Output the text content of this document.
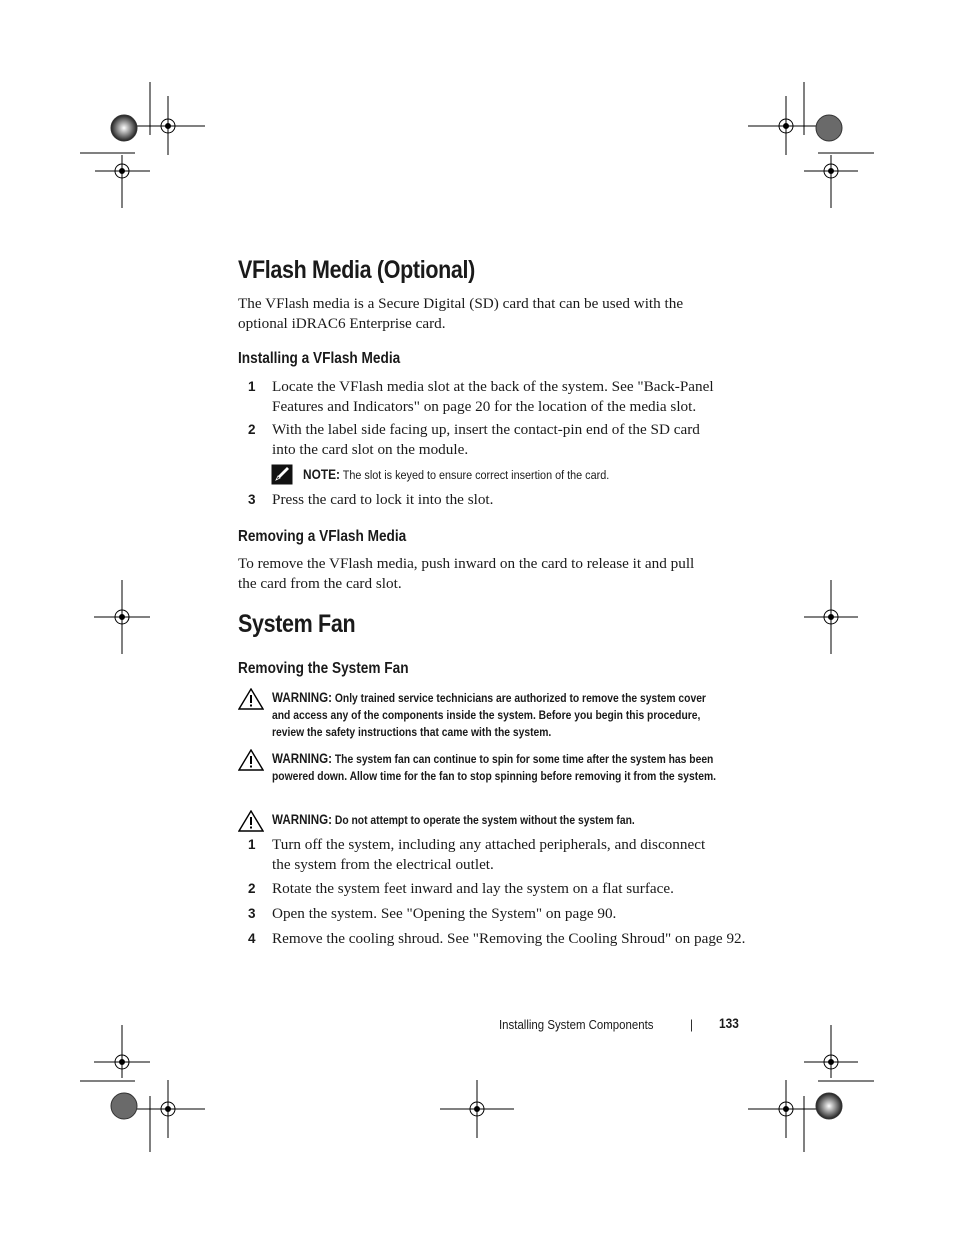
VFlash Media (Optional)
The VFlash media is a Secure Digital (SD) card that can be used with the
optional iDRAC6 Enterprise card.
Installing a VFlash Media
1 Locate the VFlash media slot at the back of the system. See "Back-Panel
Features and Indicators" on page 20 for the location of the media slot.
2 With the label side facing up, insert the contact-pin end of the SD card
into the card slot on the module.
NOTE: The slot is keyed to ensure correct insertion of the card.
3 Press the card to lock it into the slot.
Removing a VFlash Media
To remove the VFlash media, push inward on the card to release it and pull
the card from the card slot.
System Fan
Removing the System Fan
WARNING: Only trained service technicians are authorized to remove the system cover and access any of the components inside the system. Before you begin this procedure, review the safety instructions that came with the system.
WARNING: The system fan can continue to spin for some time after the system has been powered down. Allow time for the fan to stop spinning before removing it from the system.
WARNING: Do not attempt to operate the system without the system fan.
1 Turn off the system, including any attached peripherals, and disconnect
the system from the electrical outlet.
2 Rotate the system feet inward and lay the system on a flat surface.
3 Open the system. See "Opening the System" on page 90.
4 Remove the cooling shroud. See "Removing the Cooling Shroud" on page 92.
Installing System Components	| 133
